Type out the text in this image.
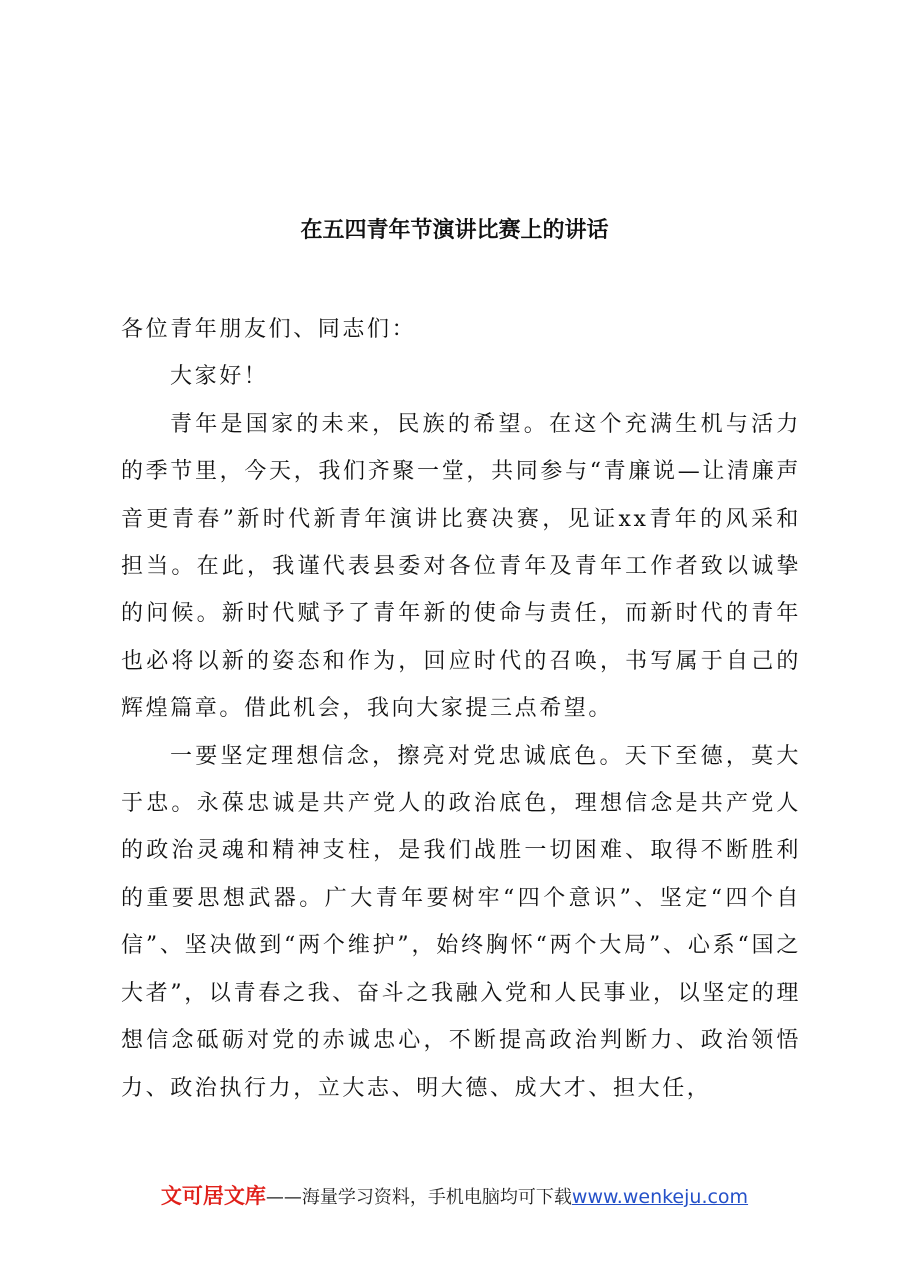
在五四青年节演讲比赛上的讲话

各位青年朋友们、同志们：

大家好！

青年是国家的未来，民族的希望。在这个充满生机与活力的季节里，今天，我们齐聚一堂，共同参与“青廉说—让清廉声音更青春”新时代新青年演讲比赛决赛，见证xx青年的风采和担当。在此，我谨代表县委对各位青年及青年工作者致以诚挚的问候。新时代赋予了青年新的使命与责任，而新时代的青年也必将以新的姿态和作为，回应时代的召唤，书写属于自己的辉煌篇章。借此机会，我向大家提三点希望。

一要坚定理想信念，擦亮对党忠诚底色。天下至德，莫大于忠。永葆忠诚是共产党人的政治底色，理想信念是共产党人的政治灵魂和精神支柱，是我们战胜一切困难、取得不断胜利的重要思想武器。广大青年要树牢“四个意识”、坚定“四个自信”、坚决做到“两个维护”，始终胸怀“两个大局”、心系“国之大者”，以青春之我、奋斗之我融入党和人民事业，以坚定的理想信念砥砺对党的赤诚忠心，不断提高政治判断力、政治领悟力、政治执行力，立大志、明大德、成大才、担大任，

文可居文库——海量学习资料，手机电脑均可下载www.wenkeju.com
